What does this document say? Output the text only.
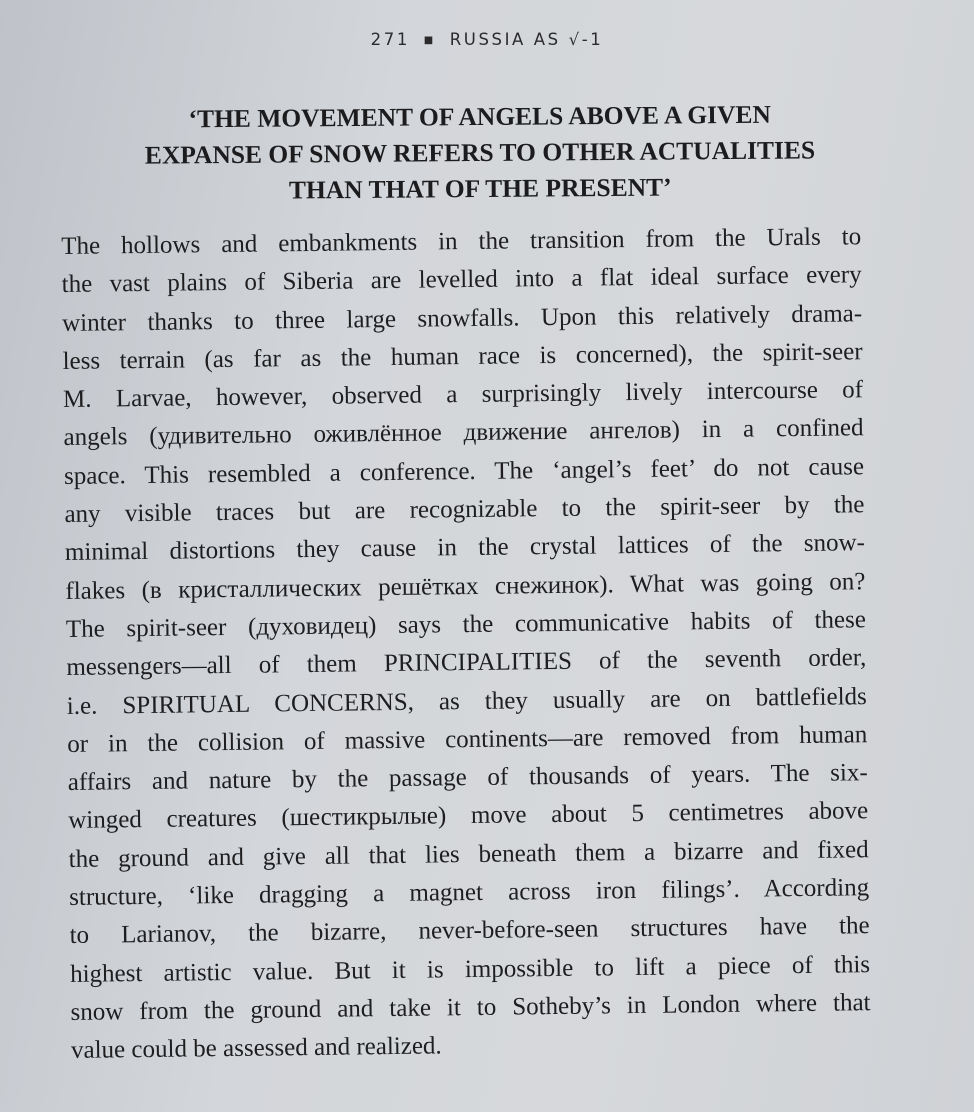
271 ■ RUSSIA AS √-1
‘THE MOVEMENT OF ANGELS ABOVE A GIVEN
EXPANSE OF SNOW REFERS TO OTHER ACTUALITIES
THAN THAT OF THE PRESENT’
The hollows and embankments in the transition from the Urals to
the vast plains of Siberia are levelled into a flat ideal surface every
winter thanks to three large snowfalls. Upon this relatively drama-
less terrain (as far as the human race is concerned), the spirit-seer
M. Larvae, however, observed a surprisingly lively intercourse of
angels (удивительно оживлённое движение ангелов) in a confined
space. This resembled a conference. The ‘angel’s feet’ do not cause
any visible traces but are recognizable to the spirit-seer by the
minimal distortions they cause in the crystal lattices of the snow-
flakes (в кристаллических решётках снежинок). What was going on?
The spirit-seer (духовидец) says the communicative habits of these
messengers—all of them PRINCIPALITIES of the seventh order,
i.e. SPIRITUAL CONCERNS, as they usually are on battlefields
or in the collision of massive continents—are removed from human
affairs and nature by the passage of thousands of years. The six-
winged creatures (шестикрылые) move about 5 centimetres above
the ground and give all that lies beneath them a bizarre and fixed
structure, ‘like dragging a magnet across iron filings’. According
to Larianov, the bizarre, never-before-seen structures have the
highest artistic value. But it is impossible to lift a piece of this
snow from the ground and take it to Sotheby’s in London where that
value could be assessed and realized.
